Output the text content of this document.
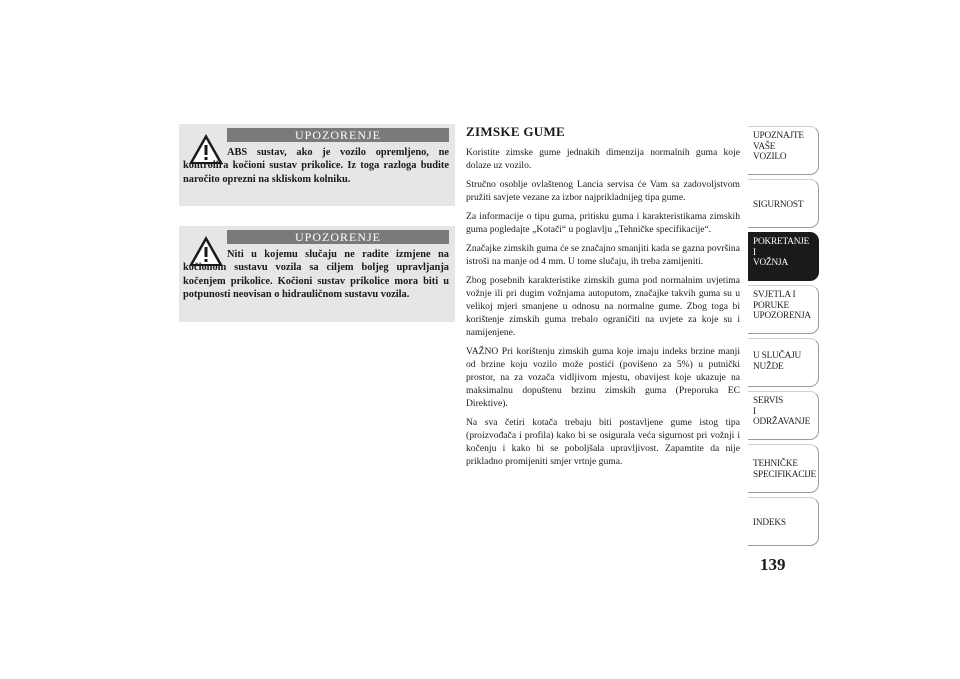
UPOZORENJE

ABS sustav, ako je vozilo opremljeno, ne kontrolira kočioni sustav prikolice. Iz toga razloga budite naročito oprezni na skliskom kolniku.

UPOZORENJE

Niti u kojemu slučaju ne radite izmjene na kočionom sustavu vozila sa ciljem boljeg upravljanja kočenjem prikolice. Kočioni sustav prikolice mora biti u potpunosti neovisan o hidrauličnom sustavu vozila.

ZIMSKE GUME

Koristite zimske gume jednakih dimenzija normalnih guma koje dolaze uz vozilo.

Stručno osoblje ovlaštenog Lancia servisa će Vam sa zadovoljstvom pružiti savjete vezane za izbor najprikladnijeg tipa gume.

Za informacije o tipu guma, pritisku guma i karakteristikama zimskih guma pogledajte „Kotači“ u poglavlju „Tehničke specifikacije“.

Značajke zimskih guma će se značajno smanjiti kada se gazna površina istroši na manje od 4 mm. U tome slučaju, ih treba zamijeniti.

Zbog posebnih karakteristike zimskih guma pod normalnim uvjetima vožnje ili pri dugim vožnjama autoputom, značajke takvih guma su u velikoj mjeri smanjene u odnosu na normalne gume. Zbog toga bi korištenje zimskih guma trebalo ograničiti na uvjete za koje su i namijenjene.

VAŽNO Pri korištenju zimskih guma koje imaju indeks brzine manji od brzine koju vozilo može postići (povišeno za 5%) u putnički prostor, na za vozača vidljivom mjestu, obavijest koje ukazuje na maksimalnu dopuštenu brzinu zimskih guma (Preporuka EC Direktive).

Na sva četiri kotača trebaju biti postavljene gume istog tipa (proizvođača i profila) kako bi se osigurala veća sigurnost pri vožnji i kočenju i kako bi se poboljšala upravljivost. Zapamtite da nije prikladno promijeniti smjer vrtnje guma.

UPOZNAJTE
VAŠE
VOZILO
SIGURNOST
POKRETANJE
I
VOŽNJA
SVJETLA I
PORUKE
UPOZORENJA
U SLUČAJU
NUŽDE
SERVIS
I
ODRŽAVANJE
TEHNIČKE
SPECIFIKACIJE
INDEKS
139
